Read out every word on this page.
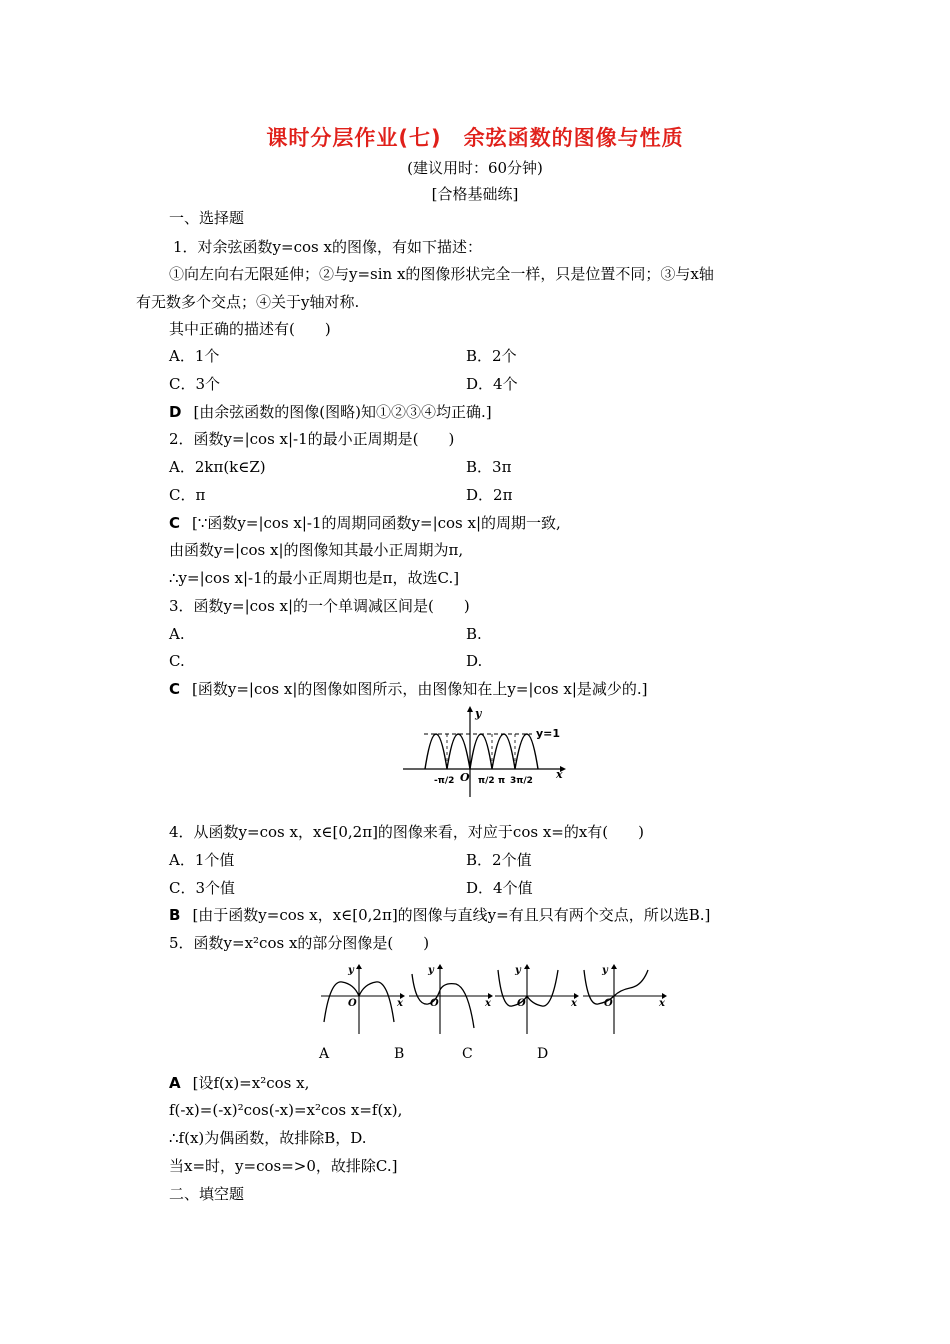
课时分层作业(七)　余弦函数的图像与性质
(建议用时：60分钟)
[合格基础练]
一、选择题
1．对余弦函数y=cos x的图像，有如下描述：
①向左向右无限延伸；②与y=sin x的图像形状完全一样，只是位置不同；③与x轴
有无数多个交点；④关于y轴对称.
其中正确的描述有(　　)
A．1个	B．2个
C．3个	D．4个
D [由余弦函数的图像(图略)知①②③④均正确.]
2．函数y=|cos x|-1的最小正周期是(　　)
A．2kπ(k∈Z)	B．3π
C．π	D．2π
C [∵函数y=|cos x|-1的周期同函数y=|cos x|的周期一致,
由函数y=|cos x|的图像知其最小正周期为π,
∴y=|cos x|-1的最小正周期也是π，故选C.]
3．函数y=|cos x|的一个单调减区间是(　　)
A.	B.
C.	D.
C [函数y=|cos x|的图像如图所示，由图像知在上y=|cos x|是减少的.]
y
x
y=1
O
-π/2	π/2 π 3π/2
4．从函数y=cos x，x∈[0,2π]的图像来看，对应于cos x=的x有(　　)
A．1个值	B．2个值
C．3个值	D．4个值
B [由于函数y=cos x，x∈[0,2π]的图像与直线y=有且只有两个交点，所以选B.]
5．函数y=x²cos x的部分图像是(　　)
y
x
O
y
x
O
y
x
O
y
x
O
A	B	C	D
A [设f(x)=x²cos x,
f(-x)=(-x)²cos(-x)=x²cos x=f(x),
∴f(x)为偶函数，故排除B，D.
当x=时，y=cos=>0，故排除C.]
二、填空题
